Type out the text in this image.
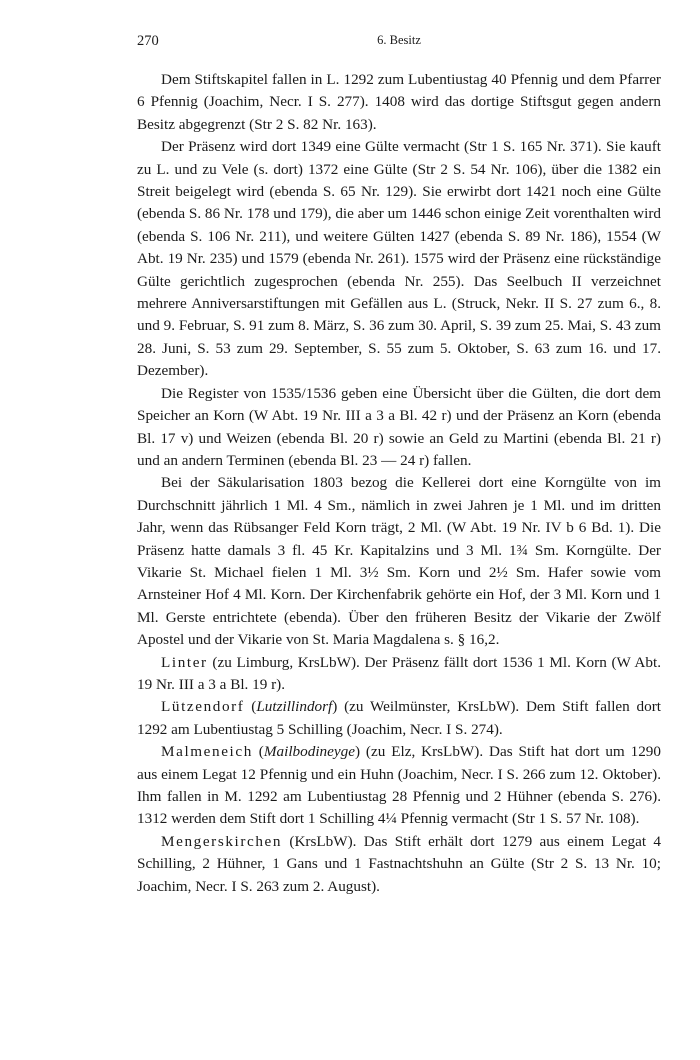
270	6. Besitz

Dem Stiftskapitel fallen in L. 1292 zum Lubentiustag 40 Pfennig und dem Pfarrer 6 Pfennig (Joachim, Necr. I S. 277). 1408 wird das dortige Stiftsgut gegen andern Besitz abgegrenzt (Str 2 S. 82 Nr. 163).

Der Präsenz wird dort 1349 eine Gülte vermacht (Str 1 S. 165 Nr. 371). Sie kauft zu L. und zu Vele (s. dort) 1372 eine Gülte (Str 2 S. 54 Nr. 106), über die 1382 ein Streit beigelegt wird (ebenda S. 65 Nr. 129). Sie erwirbt dort 1421 noch eine Gülte (ebenda S. 86 Nr. 178 und 179), die aber um 1446 schon einige Zeit vorenthalten wird (ebenda S. 106 Nr. 211), und weitere Gülten 1427 (ebenda S. 89 Nr. 186), 1554 (W Abt. 19 Nr. 235) und 1579 (ebenda Nr. 261). 1575 wird der Präsenz eine rückständige Gülte gerichtlich zugesprochen (ebenda Nr. 255). Das Seelbuch II verzeichnet mehrere Anniversarstiftungen mit Gefällen aus L. (Struck, Nekr. II S. 27 zum 6., 8. und 9. Februar, S. 91 zum 8. März, S. 36 zum 30. April, S. 39 zum 25. Mai, S. 43 zum 28. Juni, S. 53 zum 29. September, S. 55 zum 5. Oktober, S. 63 zum 16. und 17. Dezember).

Die Register von 1535/1536 geben eine Übersicht über die Gülten, die dort dem Speicher an Korn (W Abt. 19 Nr. III a 3 a Bl. 42 r) und der Präsenz an Korn (ebenda Bl. 17 v) und Weizen (ebenda Bl. 20 r) sowie an Geld zu Martini (ebenda Bl. 21 r) und an andern Terminen (ebenda Bl. 23 — 24 r) fallen.

Bei der Säkularisation 1803 bezog die Kellerei dort eine Korngülte von im Durchschnitt jährlich 1 Ml. 4 Sm., nämlich in zwei Jahren je 1 Ml. und im dritten Jahr, wenn das Rübsanger Feld Korn trägt, 2 Ml. (W Abt. 19 Nr. IV b 6 Bd. 1). Die Präsenz hatte damals 3 fl. 45 Kr. Kapitalzins und 3 Ml. 1¾ Sm. Korngülte. Der Vikarie St. Michael fielen 1 Ml. 3½ Sm. Korn und 2½ Sm. Hafer sowie vom Arnsteiner Hof 4 Ml. Korn. Der Kirchenfabrik gehörte ein Hof, der 3 Ml. Korn und 1 Ml. Gerste entrichtete (ebenda). Über den früheren Besitz der Vikarie der Zwölf Apostel und der Vikarie von St. Maria Magdalena s. § 16,2.

Linter (zu Limburg, KrsLbW). Der Präsenz fällt dort 1536 1 Ml. Korn (W Abt. 19 Nr. III a 3 a Bl. 19 r).

Lützendorf (Lutzillindorf) (zu Weilmünster, KrsLbW). Dem Stift fallen dort 1292 am Lubentiustag 5 Schilling (Joachim, Necr. I S. 274).

Malmeneich (Mailbodineyge) (zu Elz, KrsLbW). Das Stift hat dort um 1290 aus einem Legat 12 Pfennig und ein Huhn (Joachim, Necr. I S. 266 zum 12. Oktober). Ihm fallen in M. 1292 am Lubentiustag 28 Pfennig und 2 Hühner (ebenda S. 276). 1312 werden dem Stift dort 1 Schilling 4¼ Pfennig vermacht (Str 1 S. 57 Nr. 108).

Mengerskirchen (KrsLbW). Das Stift erhält dort 1279 aus einem Legat 4 Schilling, 2 Hühner, 1 Gans und 1 Fastnachtshuhn an Gülte (Str 2 S. 13 Nr. 10; Joachim, Necr. I S. 263 zum 2. August).
